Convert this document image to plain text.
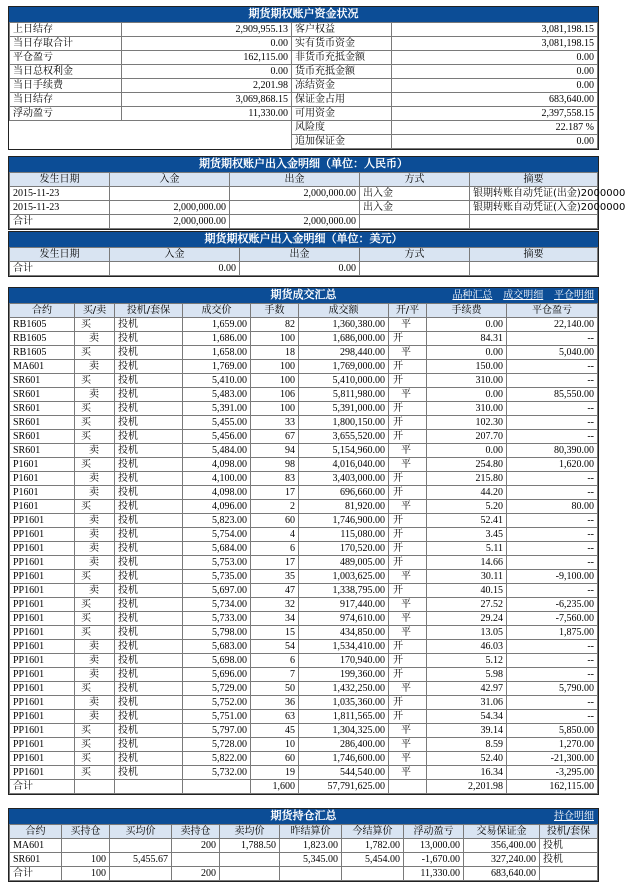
期货期权账户资金状况
上日结存	2,909,955.13	客户权益	3,081,198.15
当日存取合计	0.00	实有货币资金	3,081,198.15
平仓盈亏	162,115.00	非货币充抵金额	0.00
当日总权利金	0.00	货币充抵金额	0.00
当日手续费	2,201.98	冻结资金	0.00
当日结存	3,069,868.15	保证金占用	683,640.00
浮动盈亏	11,330.00	可用资金	2,397,558.15
		风险度	22.187 %
		追加保证金	0.00
期货期权账户出入金明细（单位：人民币）
发生日期	入金	出金	方式	摘要
2015-11-23		2,000,000.00	出入金	银期转账自动凭证(出金)2000000
2015-11-23	2,000,000.00		出入金	银期转账自动凭证(入金)2000000
合计	2,000,000.00	2,000,000.00		
期货期权账户出入金明细（单位：美元）
发生日期	入金	出金	方式	摘要
合计	0.00	0.00		
期货成交汇总	品种汇总 成交明细 平仓明细
合约	买/卖	投机/套保	成交价	手数	成交额	开/平	手续费	平仓盈亏
RB1605	买	投机	1,659.00	82	1,360,380.00	平	0.00	22,140.00
RB1605	卖	投机	1,686.00	100	1,686,000.00	开	84.31	--
RB1605	买	投机	1,658.00	18	298,440.00	平	0.00	5,040.00
MA601	卖	投机	1,769.00	100	1,769,000.00	开	150.00	--
SR601	买	投机	5,410.00	100	5,410,000.00	开	310.00	--
SR601	卖	投机	5,483.00	106	5,811,980.00	平	0.00	85,550.00
SR601	买	投机	5,391.00	100	5,391,000.00	开	310.00	--
SR601	买	投机	5,455.00	33	1,800,150.00	开	102.30	--
SR601	买	投机	5,456.00	67	3,655,520.00	开	207.70	--
SR601	卖	投机	5,484.00	94	5,154,960.00	平	0.00	80,390.00
P1601	买	投机	4,098.00	98	4,016,040.00	平	254.80	1,620.00
P1601	卖	投机	4,100.00	83	3,403,000.00	开	215.80	--
P1601	卖	投机	4,098.00	17	696,660.00	开	44.20	--
P1601	买	投机	4,096.00	2	81,920.00	平	5.20	80.00
PP1601	卖	投机	5,823.00	60	1,746,900.00	开	52.41	--
PP1601	卖	投机	5,754.00	4	115,080.00	开	3.45	--
PP1601	卖	投机	5,684.00	6	170,520.00	开	5.11	--
PP1601	卖	投机	5,753.00	17	489,005.00	开	14.66	--
PP1601	买	投机	5,735.00	35	1,003,625.00	平	30.11	-9,100.00
PP1601	卖	投机	5,697.00	47	1,338,795.00	开	40.15	--
PP1601	买	投机	5,734.00	32	917,440.00	平	27.52	-6,235.00
PP1601	买	投机	5,733.00	34	974,610.00	平	29.24	-7,560.00
PP1601	买	投机	5,798.00	15	434,850.00	平	13.05	1,875.00
PP1601	卖	投机	5,683.00	54	1,534,410.00	开	46.03	--
PP1601	卖	投机	5,698.00	6	170,940.00	开	5.12	--
PP1601	卖	投机	5,696.00	7	199,360.00	开	5.98	--
PP1601	买	投机	5,729.00	50	1,432,250.00	平	42.97	5,790.00
PP1601	卖	投机	5,752.00	36	1,035,360.00	开	31.06	--
PP1601	卖	投机	5,751.00	63	1,811,565.00	开	54.34	--
PP1601	买	投机	5,797.00	45	1,304,325.00	平	39.14	5,850.00
PP1601	买	投机	5,728.00	10	286,400.00	平	8.59	1,270.00
PP1601	买	投机	5,822.00	60	1,746,600.00	平	52.40	-21,300.00
PP1601	买	投机	5,732.00	19	544,540.00	平	16.34	-3,295.00
合计				1,600	57,791,625.00		2,201.98	162,115.00
期货持仓汇总	持仓明细
合约	买持仓	买均价	卖持仓	卖均价	昨结算价	今结算价	浮动盈亏	交易保证金	投机/套保
MA601			200	1,788.50	1,823.00	1,782.00	13,000.00	356,400.00	投机
SR601	100	5,455.67			5,345.00	5,454.00	-1,670.00	327,240.00	投机
合计	100		200				11,330.00	683,640.00	
